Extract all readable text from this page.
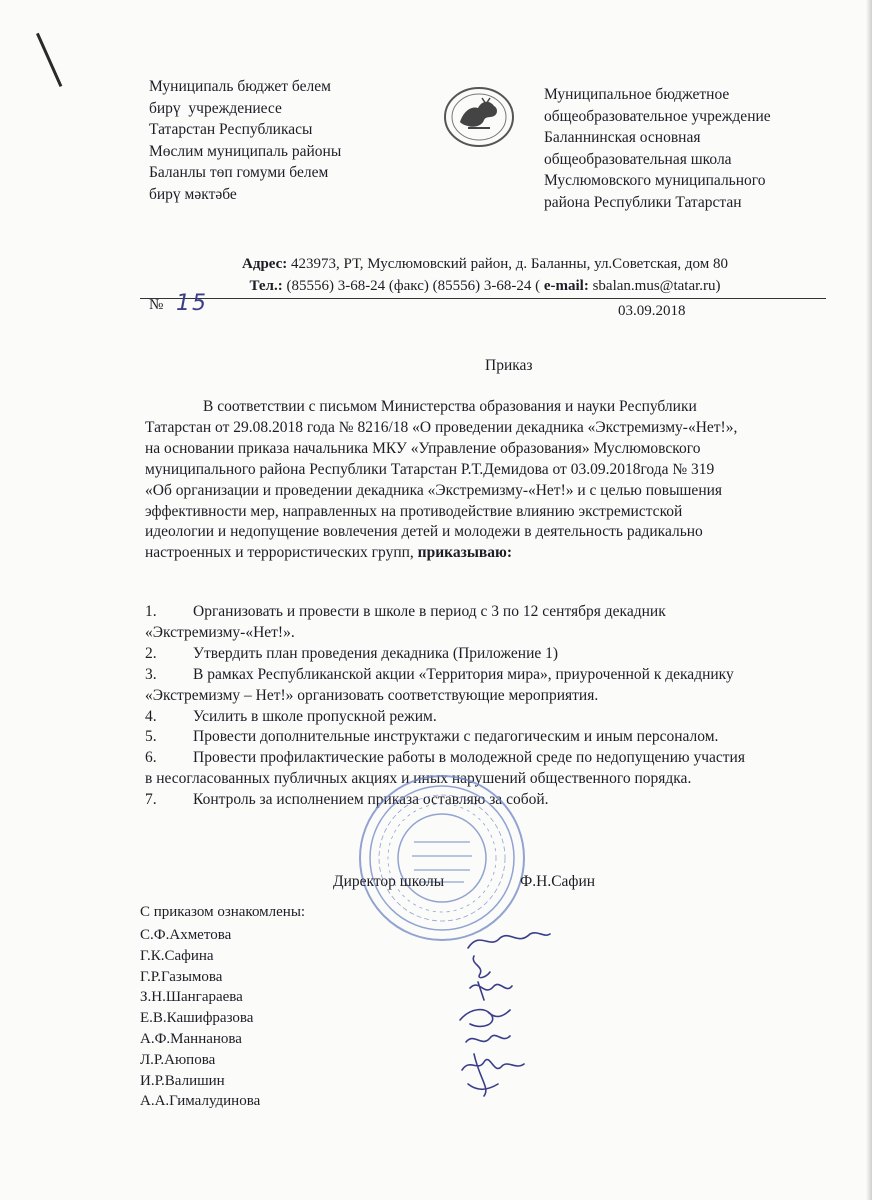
Муниципаль бюджет белем
бирү  учреждениесе
Татарстан Республикасы
Мөслим муниципаль районы
Баланлы төп гомуми белем
бирү мәктәбе
Муниципальное бюджетное
общеобразовательное учреждение
Баланнинская основная
общеобразовательная школа
Муслюмовского муниципального
района Республики Татарстан
Адрес: 423973, РТ, Муслюмовский район, д. Баланны, ул.Советская, дом 80
Тел.: (85556) 3-68-24 (факс) (85556) 3-68-24 ( e-mail: sbalan.mus@tatar.ru)
№ 15	03.09.2018
Приказ
В соответствии с письмом Министерства образования и науки Республики
Татарстан от 29.08.2018 года № 8216/18 «О проведении декадника «Экстремизму-«Нет!»,
на основании приказа начальника МКУ «Управление образования» Муслюмовского
муниципального района Республики Татарстан Р.Т.Демидова от 03.09.2018года № 319
«Об организации и проведении декадника «Экстремизму-«Нет!» и с целью повышения
эффективности мер, направленных на противодействие влиянию экстремистской
идеологии и недопущение вовлечения детей и молодежи в деятельность радикально
настроенных и террористических групп, приказываю:
1. Организовать и провести в школе в период с 3 по 12 сентября декадник
«Экстремизму-«Нет!».
2. Утвердить план проведения декадника (Приложение 1)
3. В рамках Республиканской акции «Территория мира», приуроченной к декаднику
«Экстремизму – Нет!» организовать соответствующие мероприятия.
4. Усилить в школе пропускной режим.
5. Провести дополнительные инструктажи с педагогическим и иным персоналом.
6. Провести профилактические работы в молодежной среде по недопущению участия
в несогласованных публичных акциях и иных нарушений общественного порядка.
7. Контроль за исполнением приказа оставляю за собой.
Директор школы	Ф.Н.Сафин
С приказом ознакомлены:
С.Ф.Ахметова
Г.К.Сафина
Г.Р.Газымова
З.Н.Шангараева
Е.В.Кашифразова
А.Ф.Маннанова
Л.Р.Аюпова
И.Р.Валишин
А.А.Гималудинова
